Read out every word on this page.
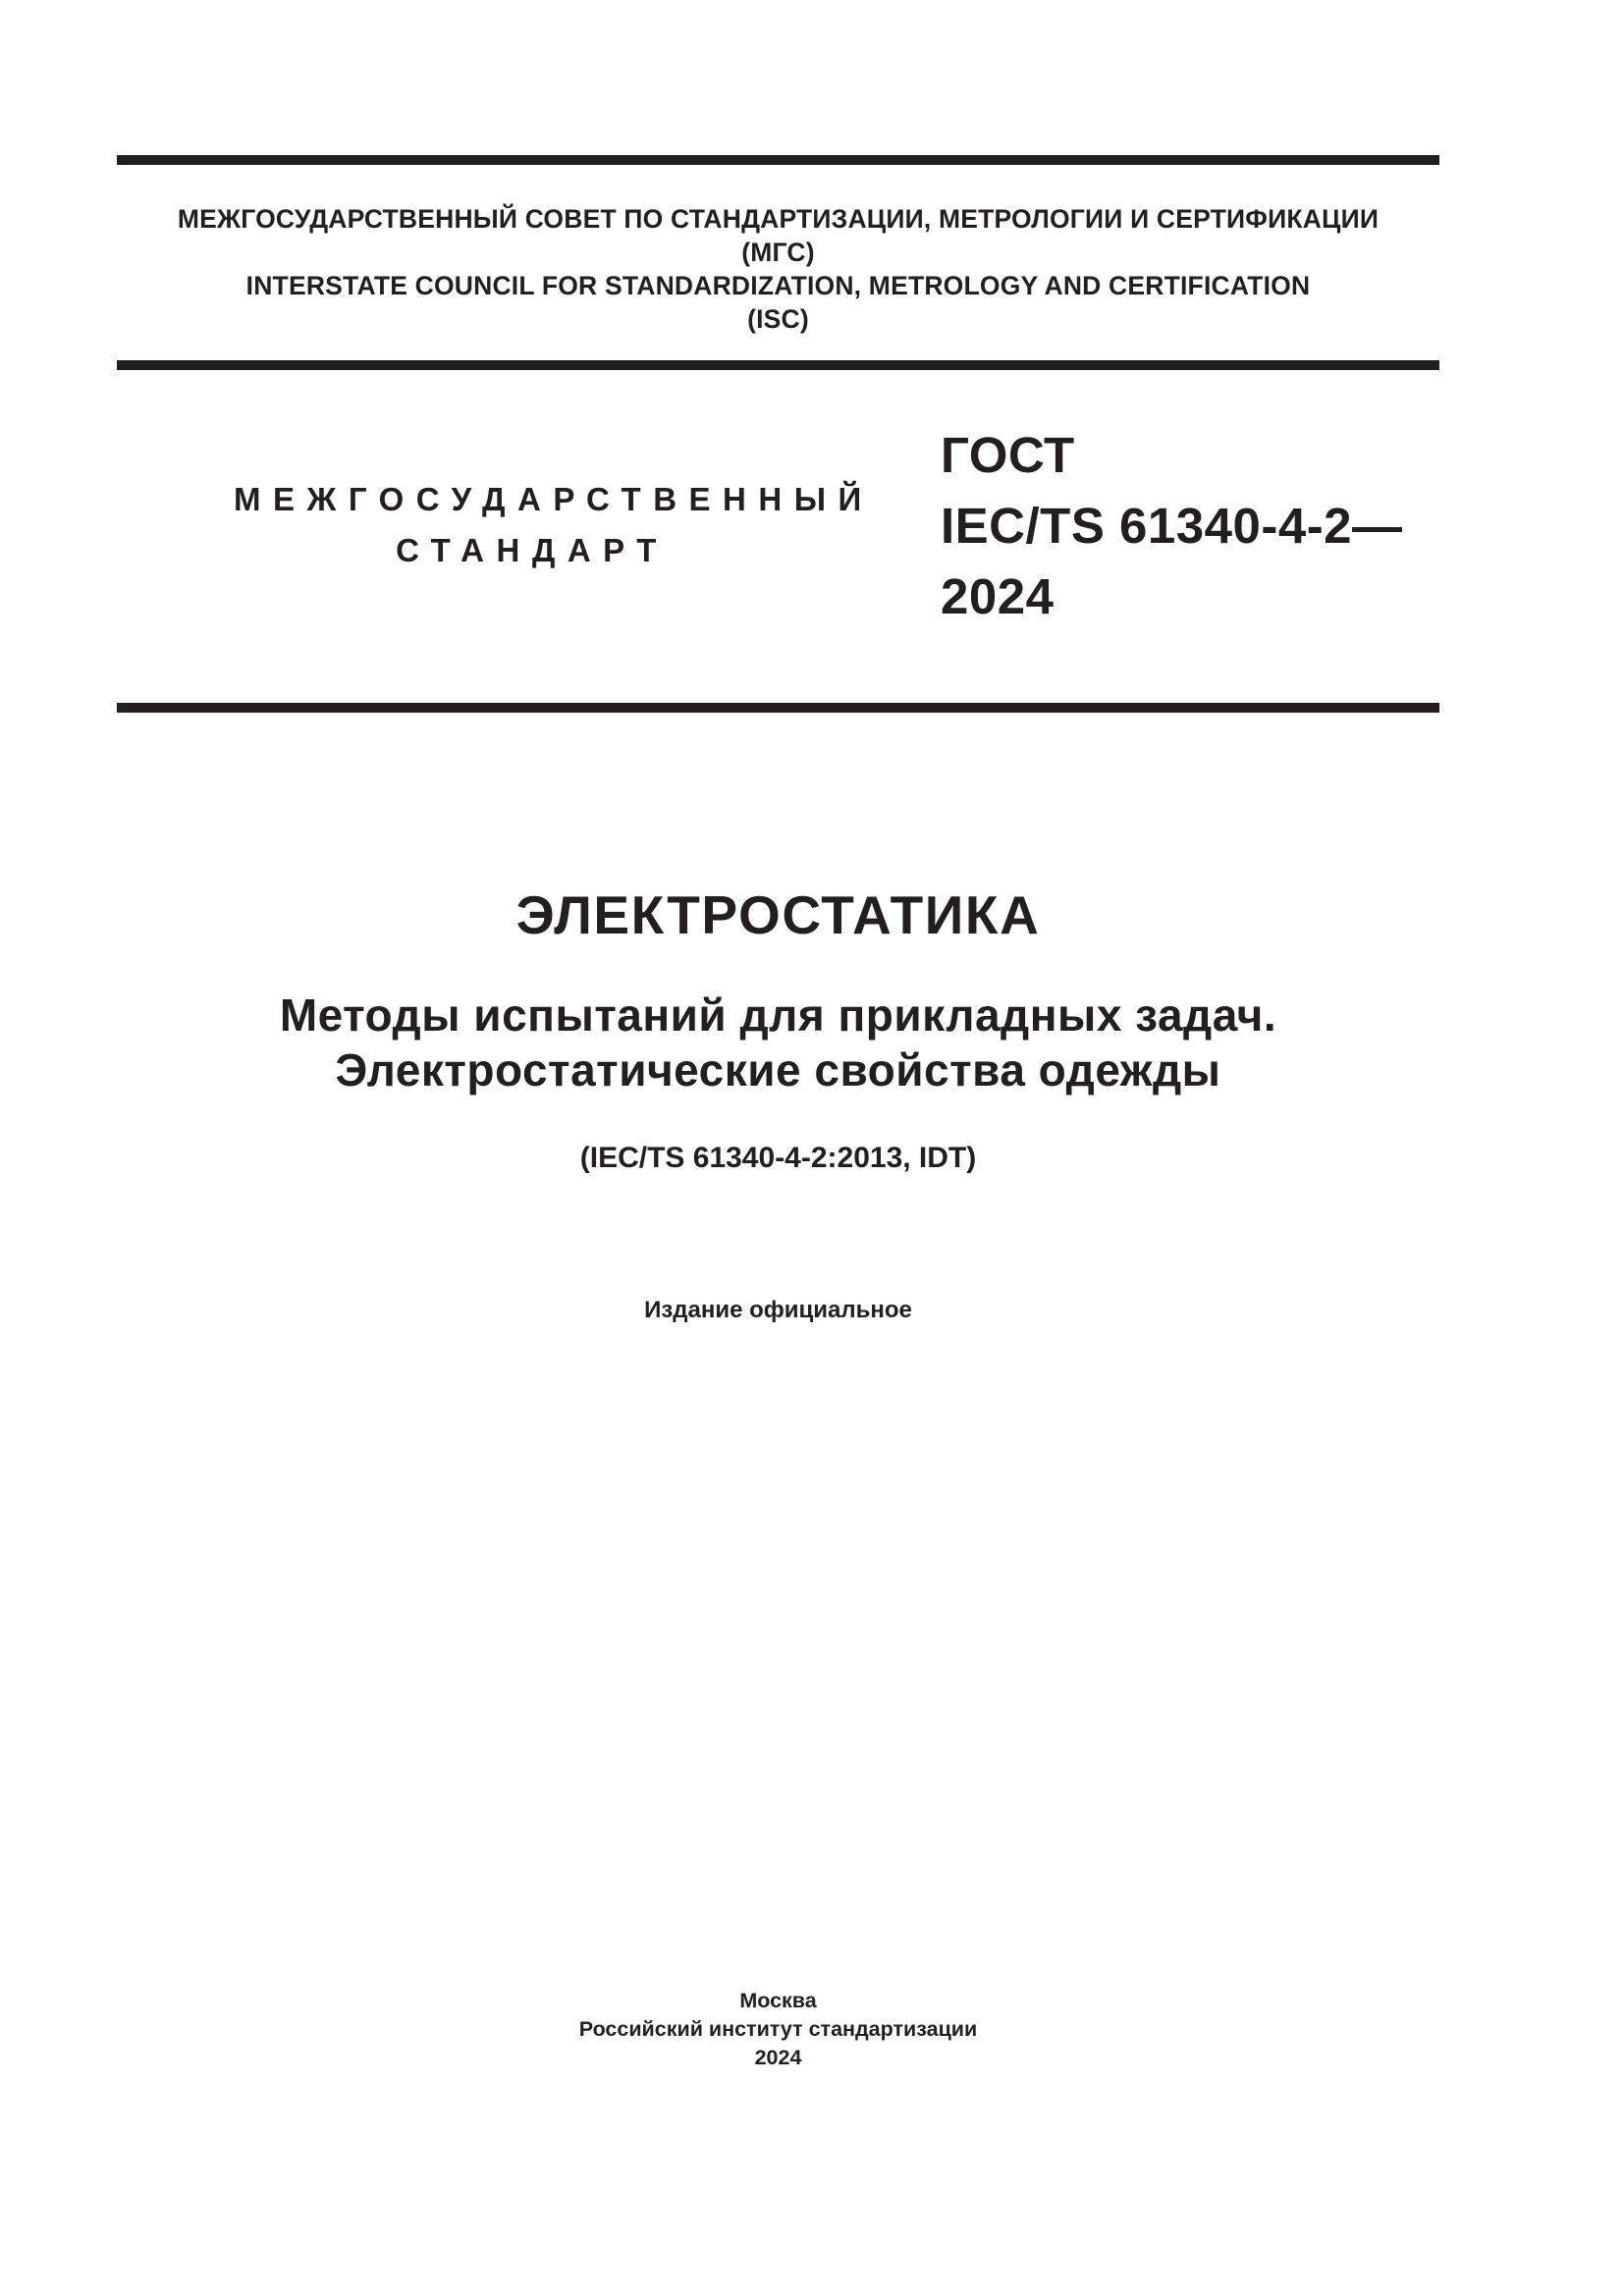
МЕЖГОСУДАРСТВЕННЫЙ СОВЕТ ПО СТАНДАРТИЗАЦИИ, МЕТРОЛОГИИ И СЕРТИФИКАЦИИ
(МГС)
INTERSTATE COUNCIL FOR STANDARDIZATION, METROLOGY AND CERTIFICATION
(ISC)
МЕЖГОСУДАРСТВЕННЫЙ
СТАНДАРТ
ГОСТ
IEC/TS 61340-4-2—
2024
ЭЛЕКТРОСТАТИКА
Методы испытаний для прикладных задач.
Электростатические свойства одежды
(IEC/TS 61340-4-2:2013, IDT)
Издание официальное
Москва
Российский институт стандартизации
2024
